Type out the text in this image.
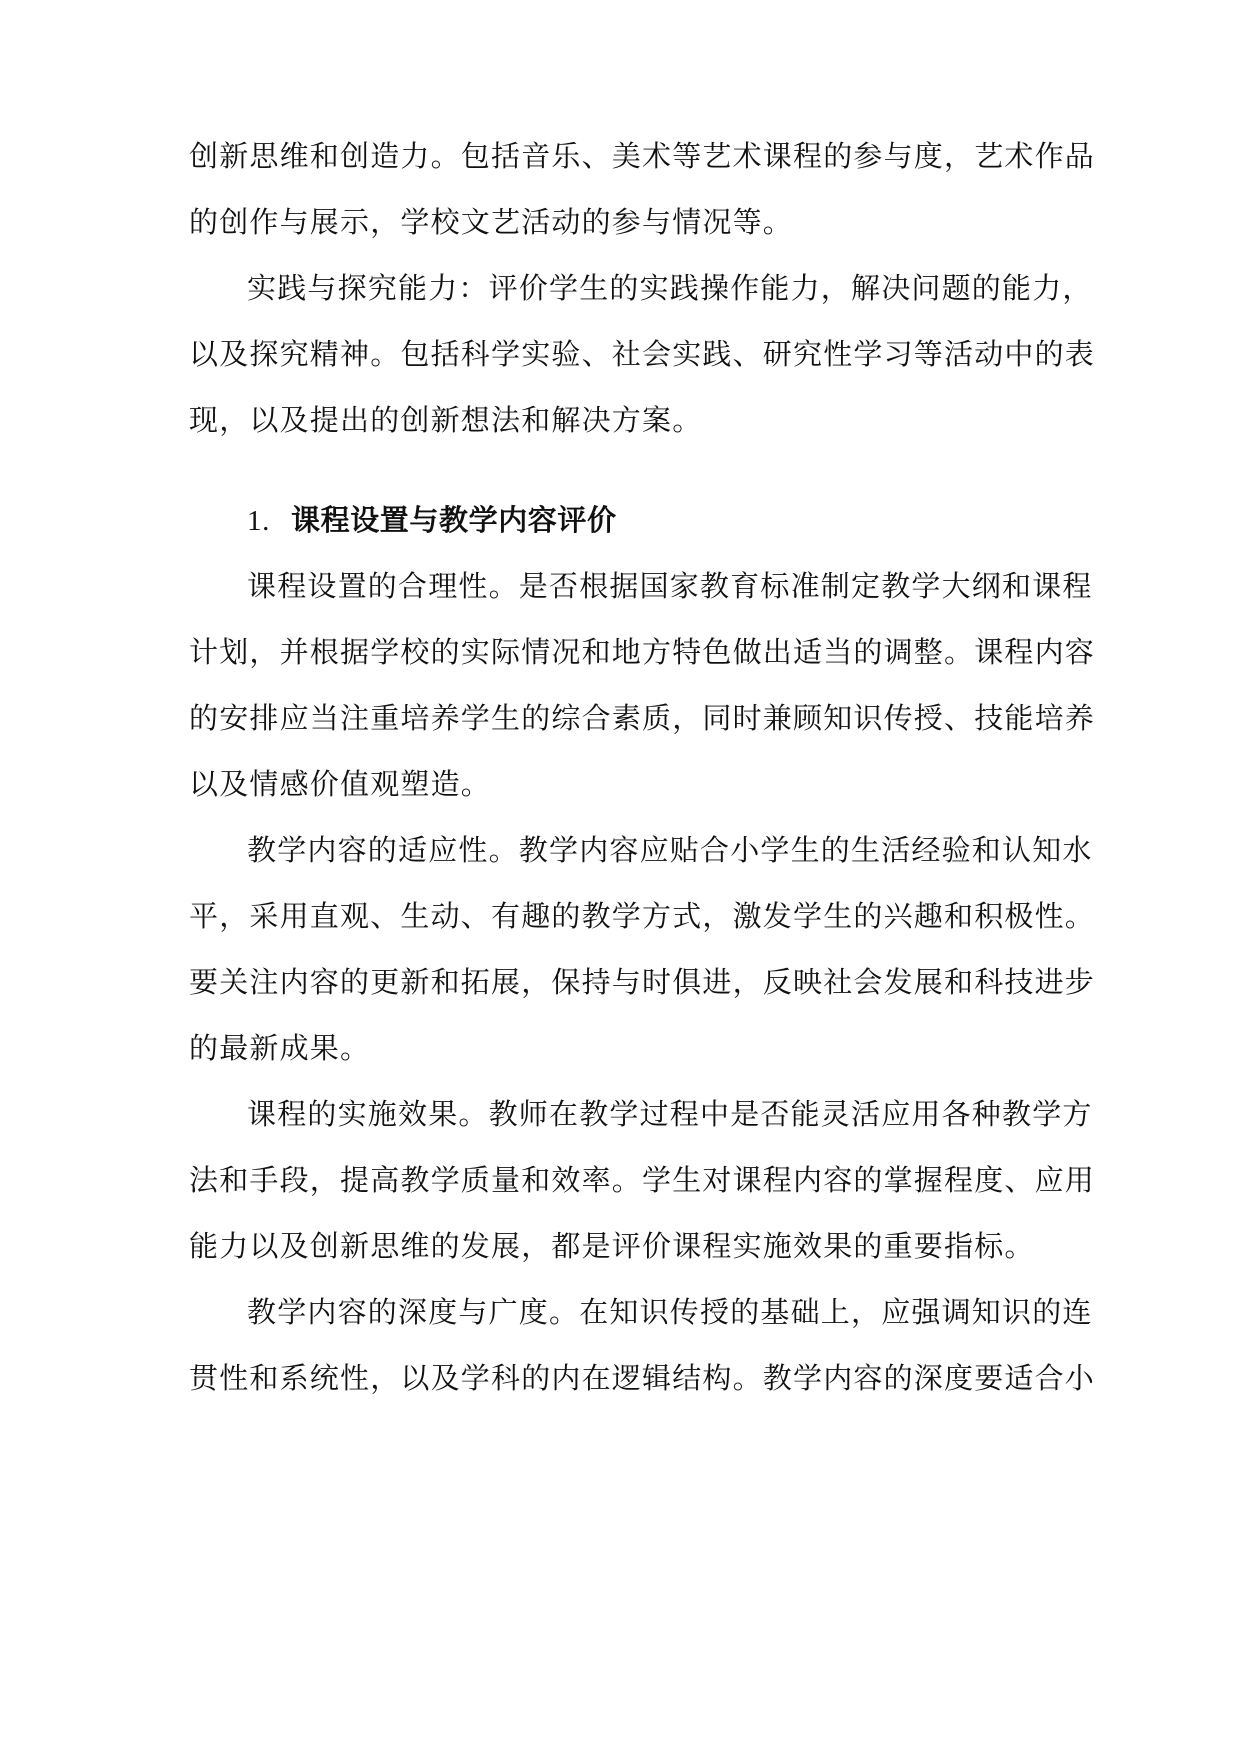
创新思维和创造力。包括音乐、美术等艺术课程的参与度，艺术作品
的创作与展示，学校文艺活动的参与情况等。
实践与探究能力：评价学生的实践操作能力，解决问题的能力，
以及探究精神。包括科学实验、社会实践、研究性学习等活动中的表
现，以及提出的创新想法和解决方案。
1. 课程设置与教学内容评价
课程设置的合理性。是否根据国家教育标准制定教学大纲和课程
计划，并根据学校的实际情况和地方特色做出适当的调整。课程内容
的安排应当注重培养学生的综合素质，同时兼顾知识传授、技能培养
以及情感价值观塑造。
教学内容的适应性。教学内容应贴合小学生的生活经验和认知水
平，采用直观、生动、有趣的教学方式，激发学生的兴趣和积极性。
要关注内容的更新和拓展，保持与时俱进，反映社会发展和科技进步
的最新成果。
课程的实施效果。教师在教学过程中是否能灵活应用各种教学方
法和手段，提高教学质量和效率。学生对课程内容的掌握程度、应用
能力以及创新思维的发展，都是评价课程实施效果的重要指标。
教学内容的深度与广度。在知识传授的基础上，应强调知识的连
贯性和系统性，以及学科的内在逻辑结构。教学内容的深度要适合小
